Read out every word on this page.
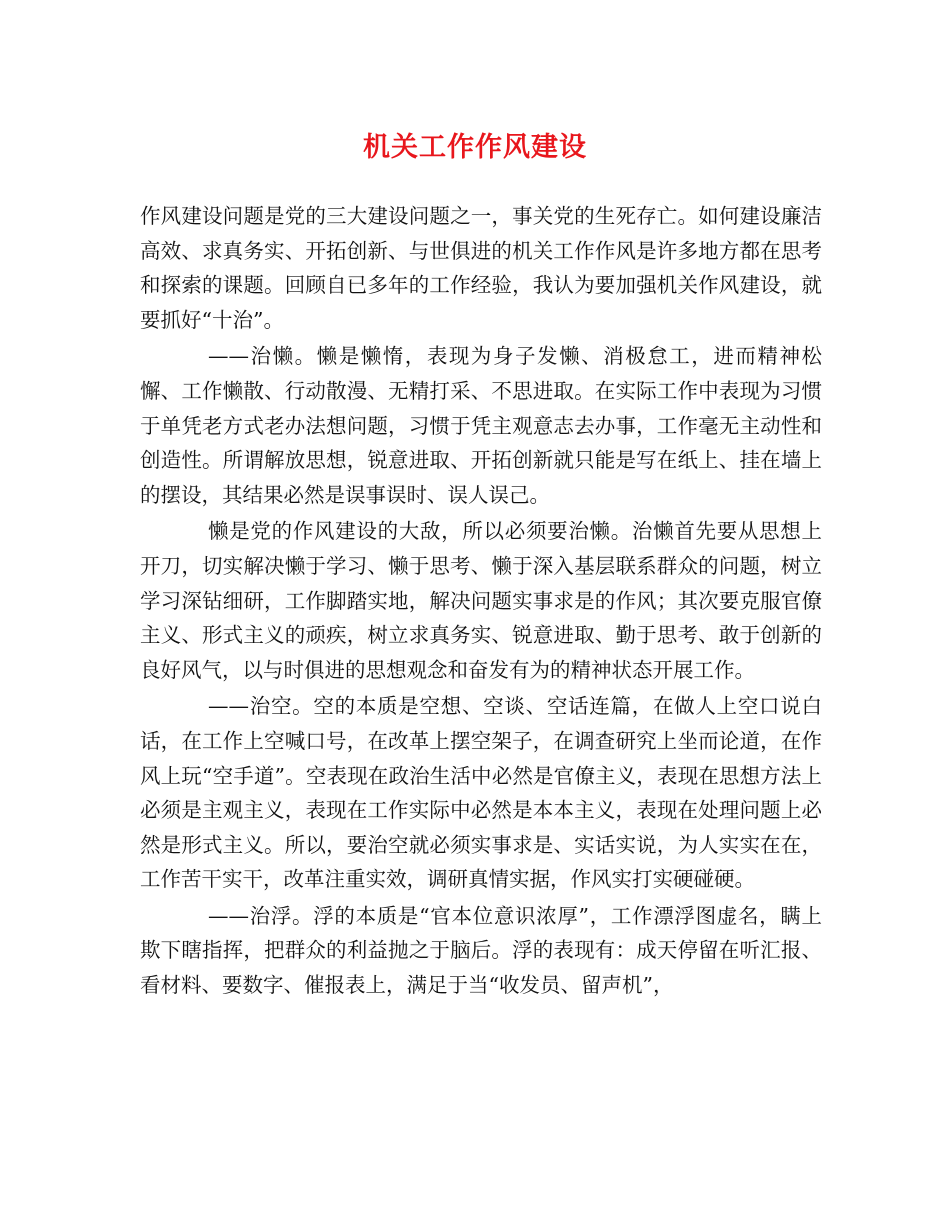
机关工作作风建设

作风建设问题是党的三大建设问题之一，事关党的生死存亡。如何建设廉洁高效、求真务实、开拓创新、与世俱进的机关工作作风是许多地方都在思考和探索的课题。回顾自已多年的工作经验，我认为要加强机关作风建设，就要抓好“十治”。

——治懒。懒是懒惰，表现为身子发懒、消极怠工，进而精神松懈、工作懒散、行动散漫、无精打采、不思进取。在实际工作中表现为习惯于单凭老方式老办法想问题，习惯于凭主观意志去办事，工作毫无主动性和创造性。所谓解放思想，锐意进取、开拓创新就只能是写在纸上、挂在墙上的摆设，其结果必然是误事误时、误人误己。

懒是党的作风建设的大敌，所以必须要治懒。治懒首先要从思想上开刀，切实解决懒于学习、懒于思考、懒于深入基层联系群众的问题，树立学习深钻细研，工作脚踏实地，解决问题实事求是的作风；其次要克服官僚主义、形式主义的顽疾，树立求真务实、锐意进取、勤于思考、敢于创新的良好风气，以与时俱进的思想观念和奋发有为的精神状态开展工作。

——治空。空的本质是空想、空谈、空话连篇，在做人上空口说白话，在工作上空喊口号，在改革上摆空架子，在调查研究上坐而论道，在作风上玩“空手道”。空表现在政治生活中必然是官僚主义，表现在思想方法上必须是主观主义，表现在工作实际中必然是本本主义，表现在处理问题上必然是形式主义。所以，要治空就必须实事求是、实话实说，为人实实在在，工作苦干实干，改革注重实效，调研真情实据，作风实打实硬碰硬。

——治浮。浮的本质是“官本位意识浓厚”，工作漂浮图虚名，瞒上欺下瞎指挥，把群众的利益抛之于脑后。浮的表现有：成天停留在听汇报、看材料、要数字、催报表上，满足于当“收发员、留声机”，
